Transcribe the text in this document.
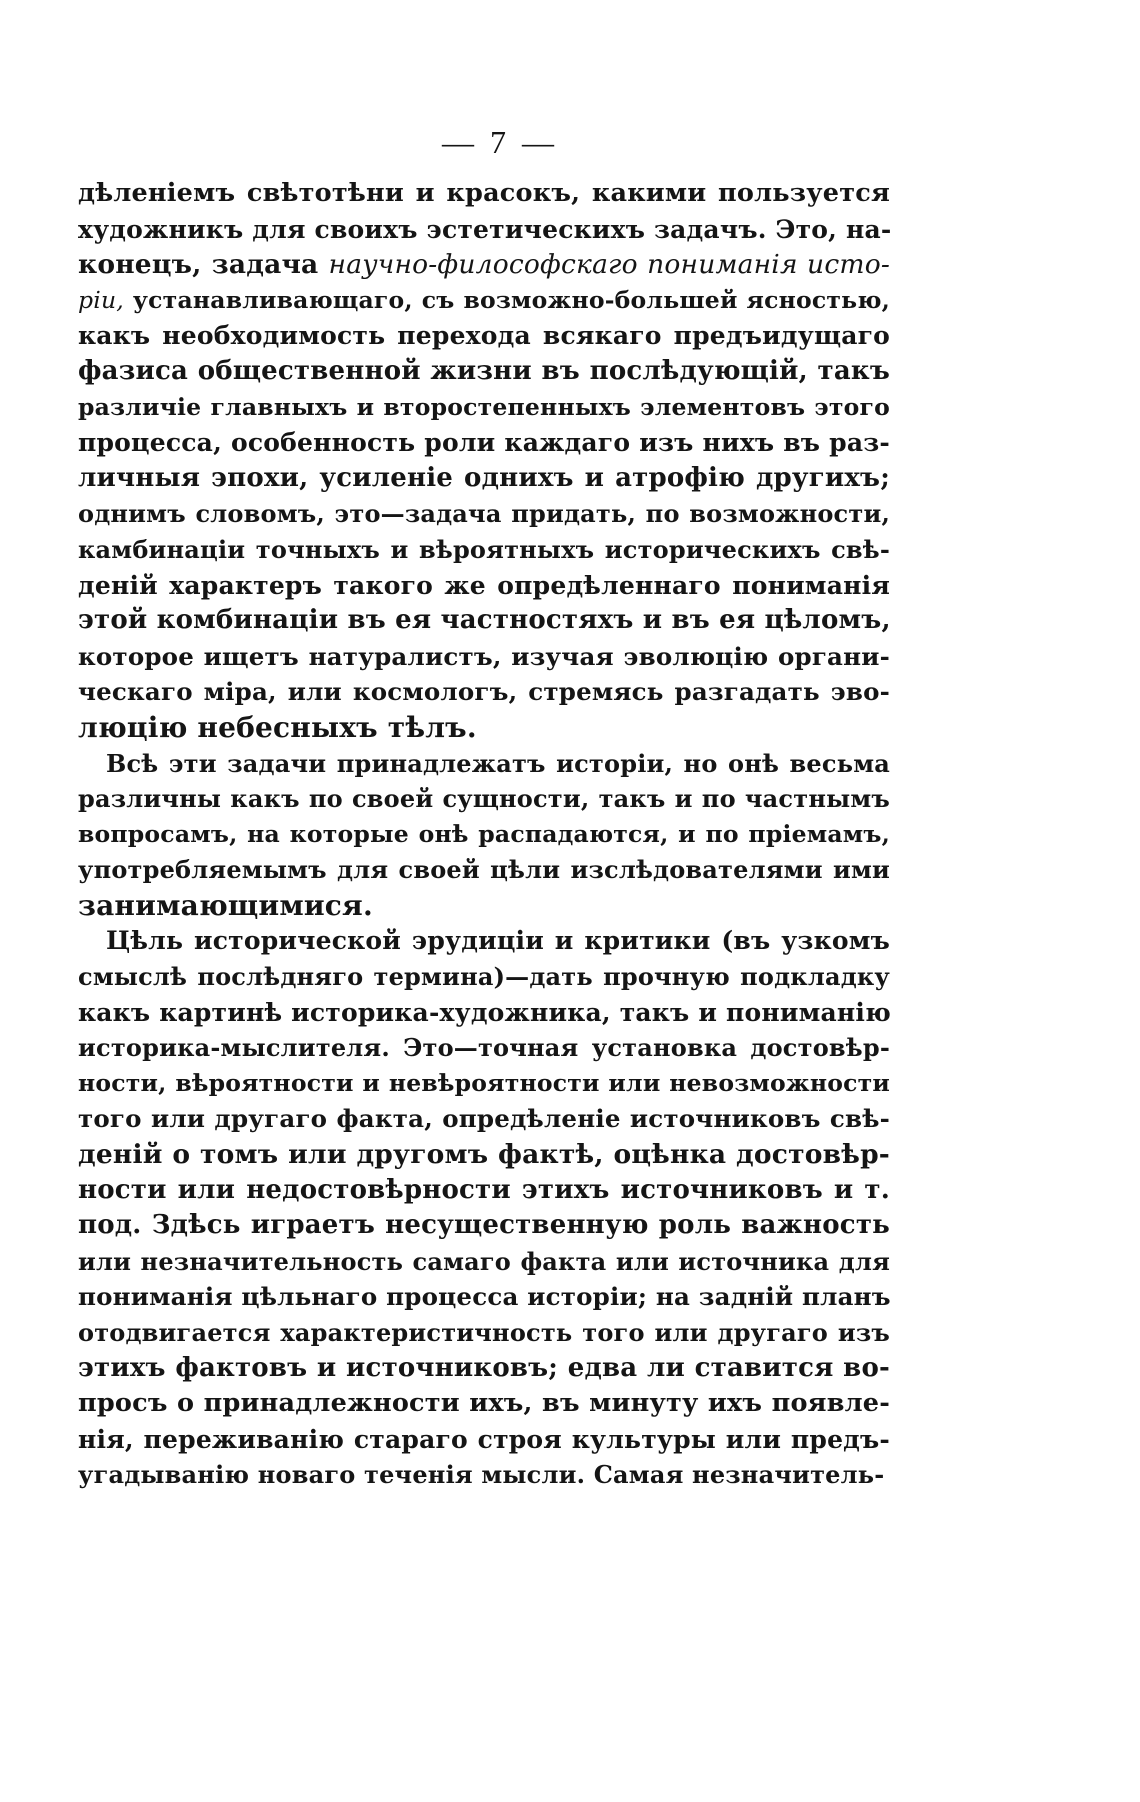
— 7 —
дѣленіемъ свѣтотѣни и красокъ, какими пользуется
художникъ для своихъ эстетическихъ задачъ. Это, на-
конецъ, задача научно-философскаго пониманія исто-
ріи, устанавливающаго, съ возможно-большей ясностью,
какъ необходимость перехода всякаго предъидущаго
фазиса общественной жизни въ послѣдующій, такъ
различіе главныхъ и второстепенныхъ элементовъ этого
процесса, особенность роли каждаго изъ нихъ въ раз-
личныя эпохи, усиленіе однихъ и атрофію другихъ;
однимъ словомъ, это—задача придать, по возможности,
камбинаціи точныхъ и вѣроятныхъ историческихъ свѣ-
деній характеръ такого же опредѣленнаго пониманія
этой комбинаціи въ ея частностяхъ и въ ея цѣломъ,
которое ищетъ натуралистъ, изучая эволюцію органи-
ческаго міра, или космологъ, стремясь разгадать эво-
люцію небесныхъ тѣлъ.
Всѣ эти задачи принадлежатъ исторіи, но онѣ весьма
различны какъ по своей сущности, такъ и по частнымъ
вопросамъ, на которые онѣ распадаются, и по пріемамъ,
употребляемымъ для своей цѣли изслѣдователями ими
занимающимися.
Цѣль исторической эрудиціи и критики (въ узкомъ
смыслѣ послѣдняго термина)—дать прочную подкладку
какъ картинѣ историка-художника, такъ и пониманію
историка-мыслителя. Это—точная установка достовѣр-
ности, вѣроятности и невѣроятности или невозможности
того или другаго факта, опредѣленіе источниковъ свѣ-
деній о томъ или другомъ фактѣ, оцѣнка достовѣр-
ности или недостовѣрности этихъ источниковъ и т.
под. Здѣсь играетъ несущественную роль важность
или незначительность самаго факта или источника для
пониманія цѣльнаго процесса исторіи; на задній планъ
отодвигается характеристичность того или другаго изъ
этихъ фактовъ и источниковъ; едва ли ставится во-
просъ о принадлежности ихъ, въ минуту ихъ появле-
нія, переживанію стараго строя культуры или предъ-
угадыванію новаго теченія мысли. Самая незначитель-
